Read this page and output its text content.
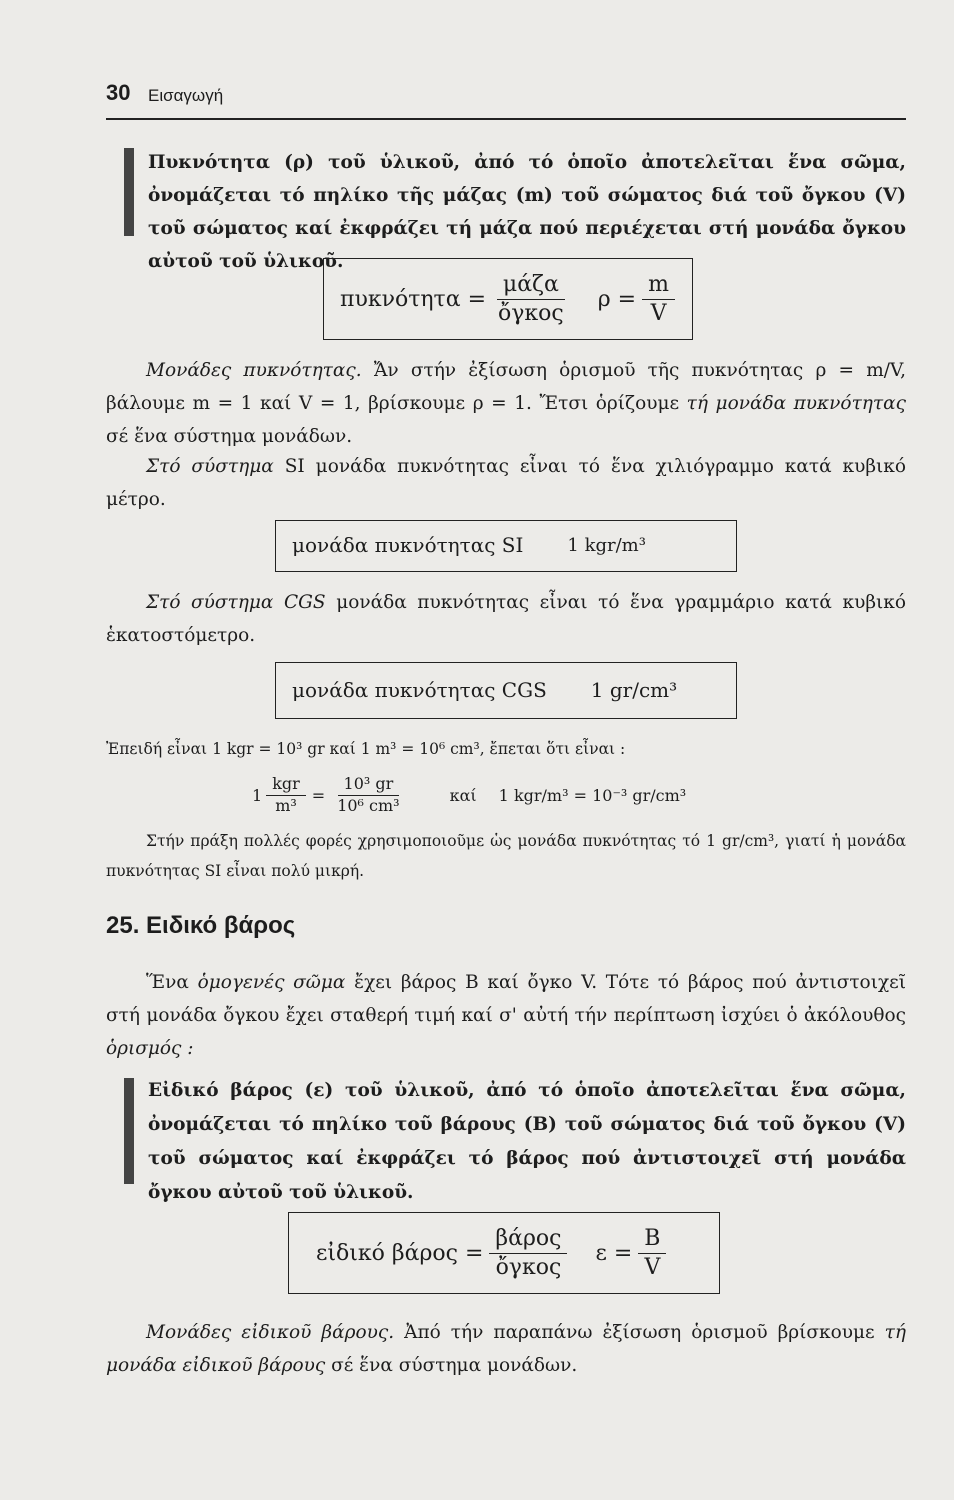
30 Εισαγωγή
Πυκνότητα (ρ) τοῦ ὑλικοῦ, ἀπό τό ὁποῖο ἀποτελεῖται ἕνα σῶμα, ὀνομάζεται τό πηλίκο τῆς μάζας (m) τοῦ σώματος διά τοῦ ὄγκου (V) τοῦ σώματος καί ἐκφράζει τή μάζα πού περιέχεται στή μονάδα ὄγκου αὐτοῦ τοῦ ὑλικοῦ.
$\pi\upsilon\kappa\nu ό\tau\eta\tau\alpha = \frac{\text{μάζα}}{\text{ὄγκος}}$ $\rho = \frac{m}{V}$
Μονάδες πυκνότητας. Ἄν στήν ἐξίσωση ὁρισμοῦ τῆς πυκνότητας ρ = m/V, βάλουμε m = 1 καί V = 1, βρίσκουμε ρ = 1. Ἔτσι ὁρίζουμε τή μονάδα πυκνότητας σέ ἕνα σύστημα μονάδων.
Στό σύστημα SI μονάδα πυκνότητας εἶναι τό ἕνα χιλιόγραμμο κατά κυβικό μέτρο.
μονάδα πυκνότητας SI 1 kgr/m³
Στό σύστημα CGS μονάδα πυκνότητας εἶναι τό ἕνα γραμμάριο κατά κυβικό ἑκατοστόμετρο.
μονάδα πυκνότητας CGS 1 gr/cm³
Ἐπειδή εἶναι 1 kgr = 10³ gr καί 1 m³ = 10⁶ cm³, ἔπεται ὅτι εἶναι :
$1 \frac{\text{kgr}}{\text{m³}} = \frac{\text{10³ gr}}{\text{10⁶ cm³}}$	καί 1 kgr/m³ = 10⁻³ gr/cm³
Στήν πράξη πολλές φορές χρησιμοποιοῦμε ὡς μονάδα πυκνότητας τό 1 gr/cm³, γιατί ἡ μονάδα πυκνότητας SI εἶναι πολύ μικρή.
25. Ειδικό βάρος
Ἕνα ὁμογενές σῶμα ἔχει βάρος B καί ὄγκο V. Τότε τό βάρος πού ἀντιστοιχεῖ στή μονάδα ὄγκου ἔχει σταθερή τιμή καί σ' αὐτή τήν περίπτωση ἰσχύει ὁ ἀκόλουθος ὁρισμός :
Εἰδικό βάρος (ε) τοῦ ὑλικοῦ, ἀπό τό ὁποῖο ἀποτελεῖται ἕνα σῶμα, ὀνομάζεται τό πηλίκο τοῦ βάρους (Β) τοῦ σώματος διά τοῦ ὄγκου (V) τοῦ σώματος καί ἐκφράζει τό βάρος πού ἀντιστοιχεῖ στή μονάδα ὄγκου αὐτοῦ τοῦ ὑλικοῦ.
εἰδικό $\beta ά\rho o\varsigma = \frac{\text{βάρος}}{\text{ὄγκος}}$ $\varepsilon = \frac{B}{V}$
Μονάδες εἰδικοῦ βάρους. Ἀπό τήν παραπάνω ἐξίσωση ὁρισμοῦ βρίσκουμε τή μονάδα εἰδικοῦ βάρους σέ ἕνα σύστημα μονάδων.
